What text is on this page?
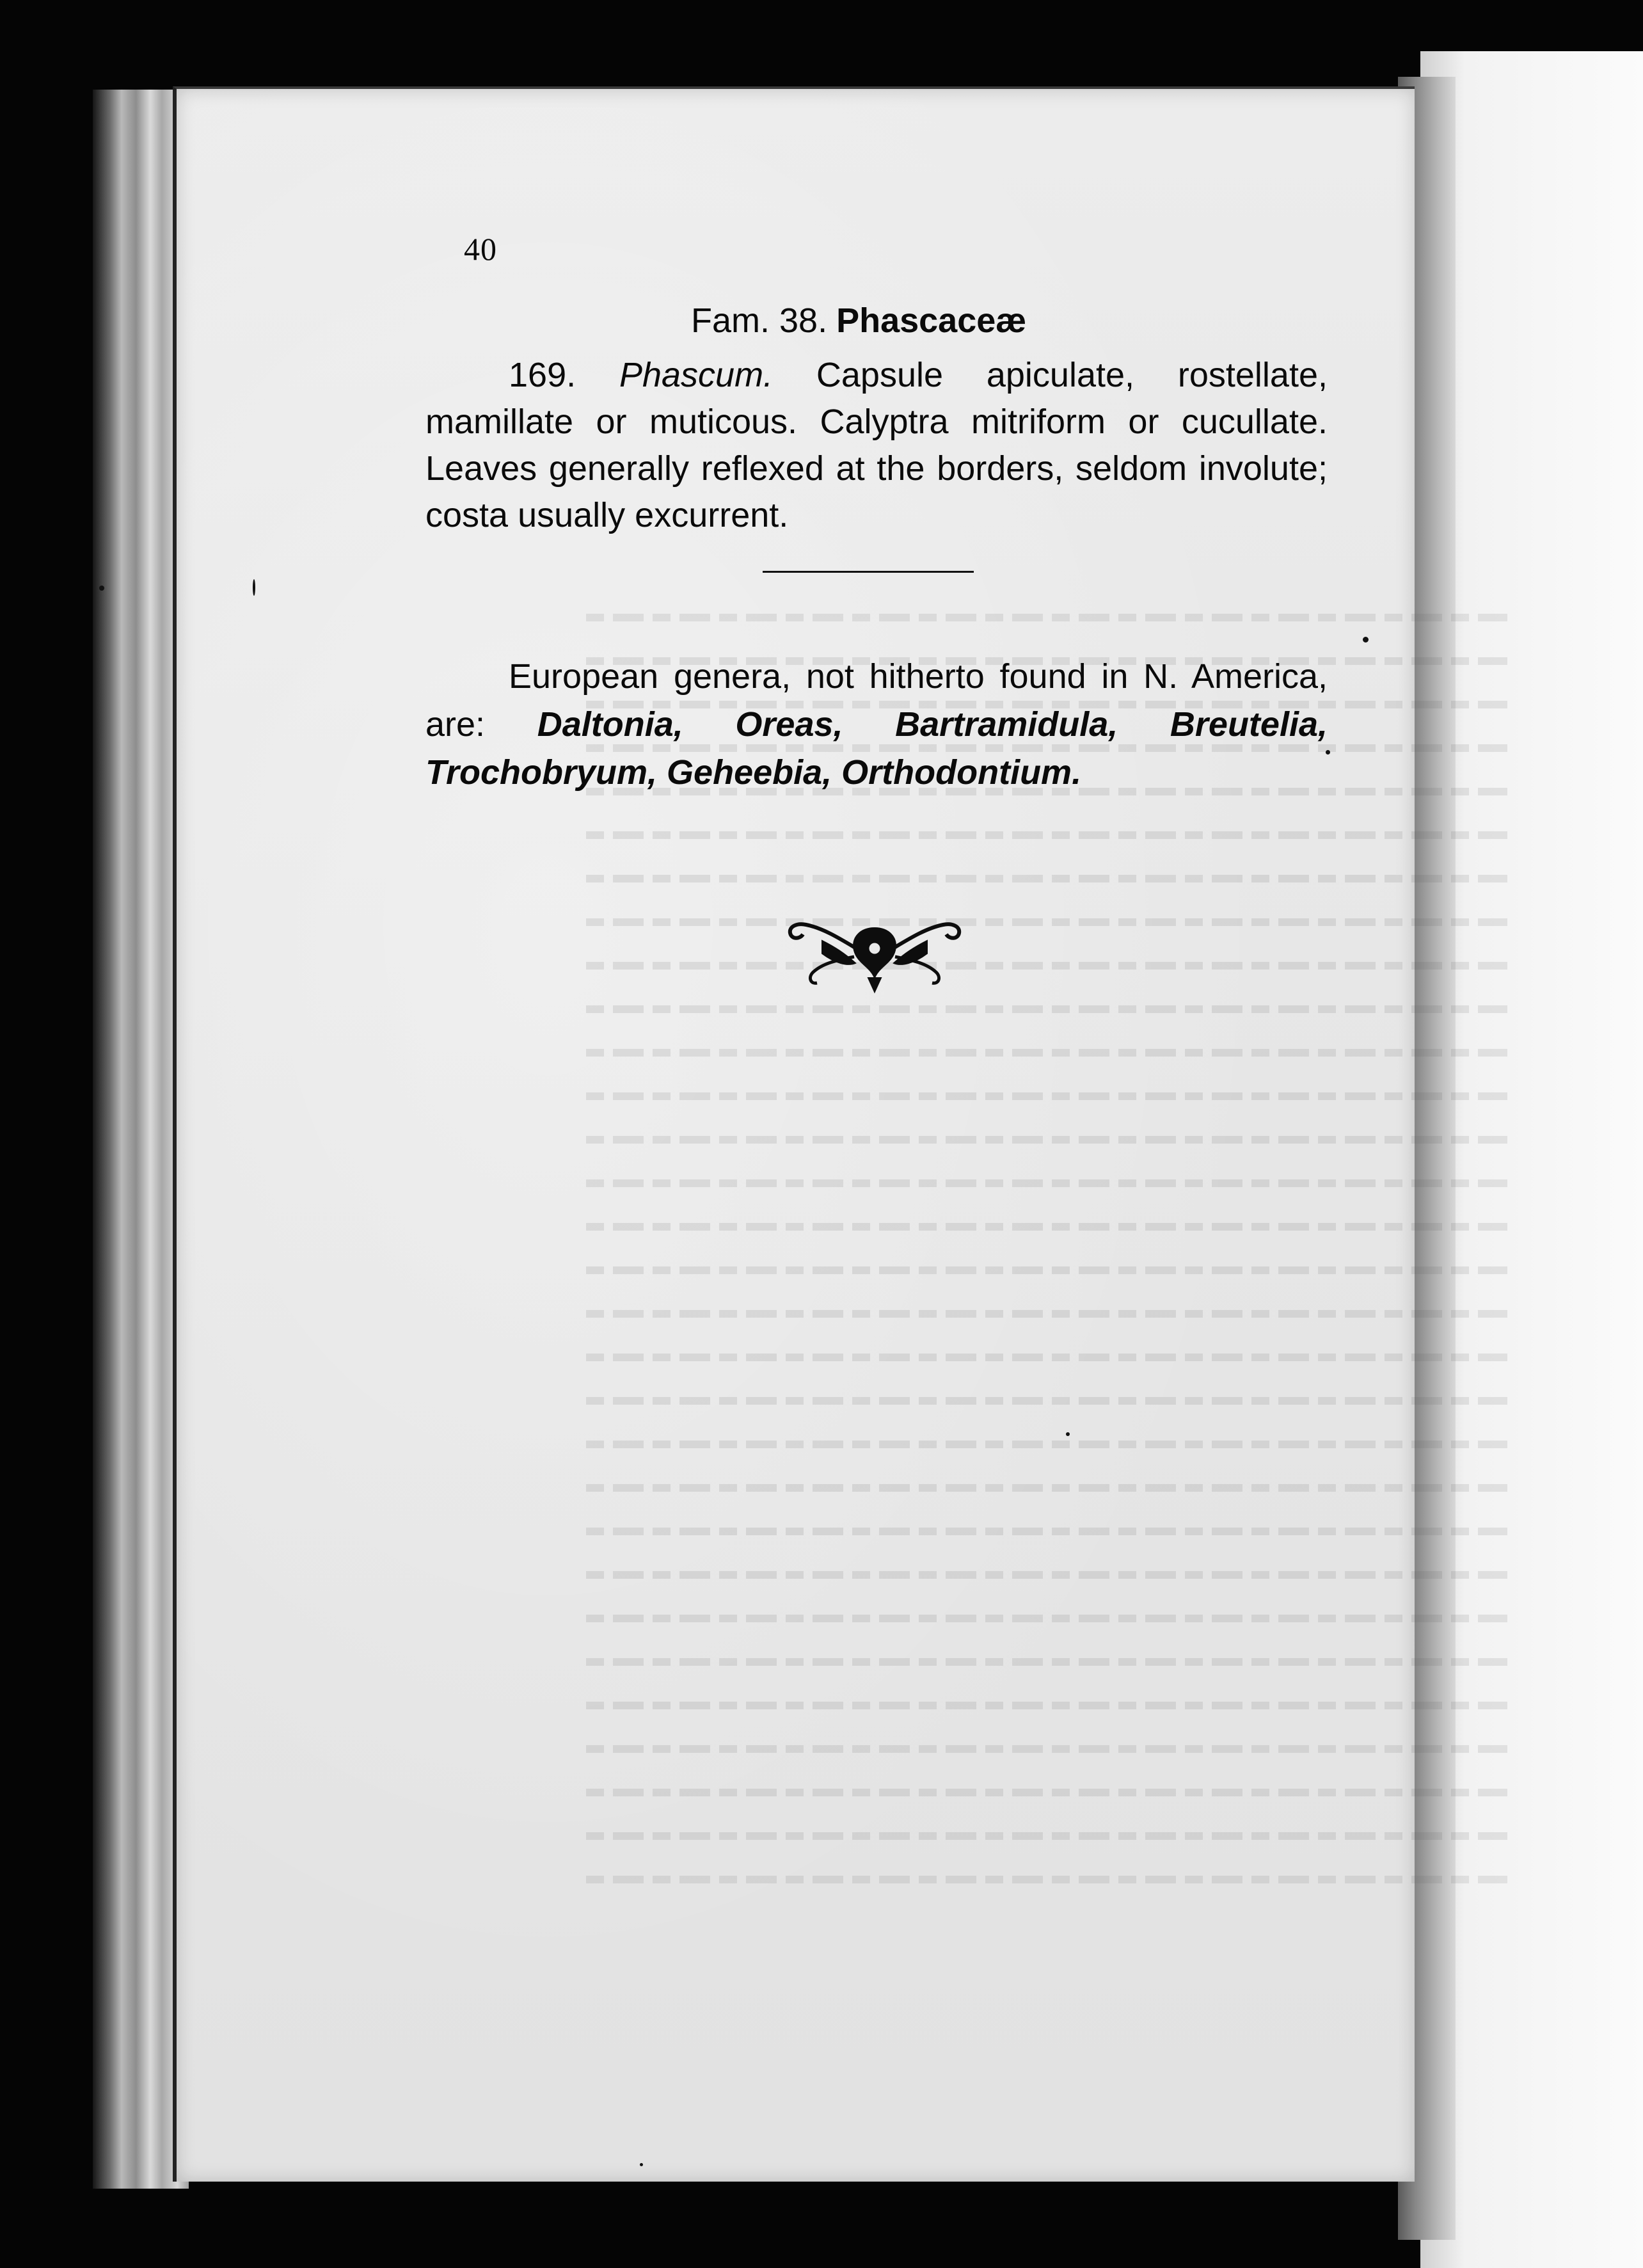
40
Fam. 38. Phascaceæ
169. Phascum. Capsule apiculate, rostellate, mamillate or muticous. Calyptra mitriform or cucullate. Leaves generally reflexed at the borders, seldom involute; costa usually excurrent.
European genera, not hitherto found in N. America, are: Daltonia, Oreas, Bartramidula, Breutelia, Trochobryum, Geheebia, Orthodontium.
